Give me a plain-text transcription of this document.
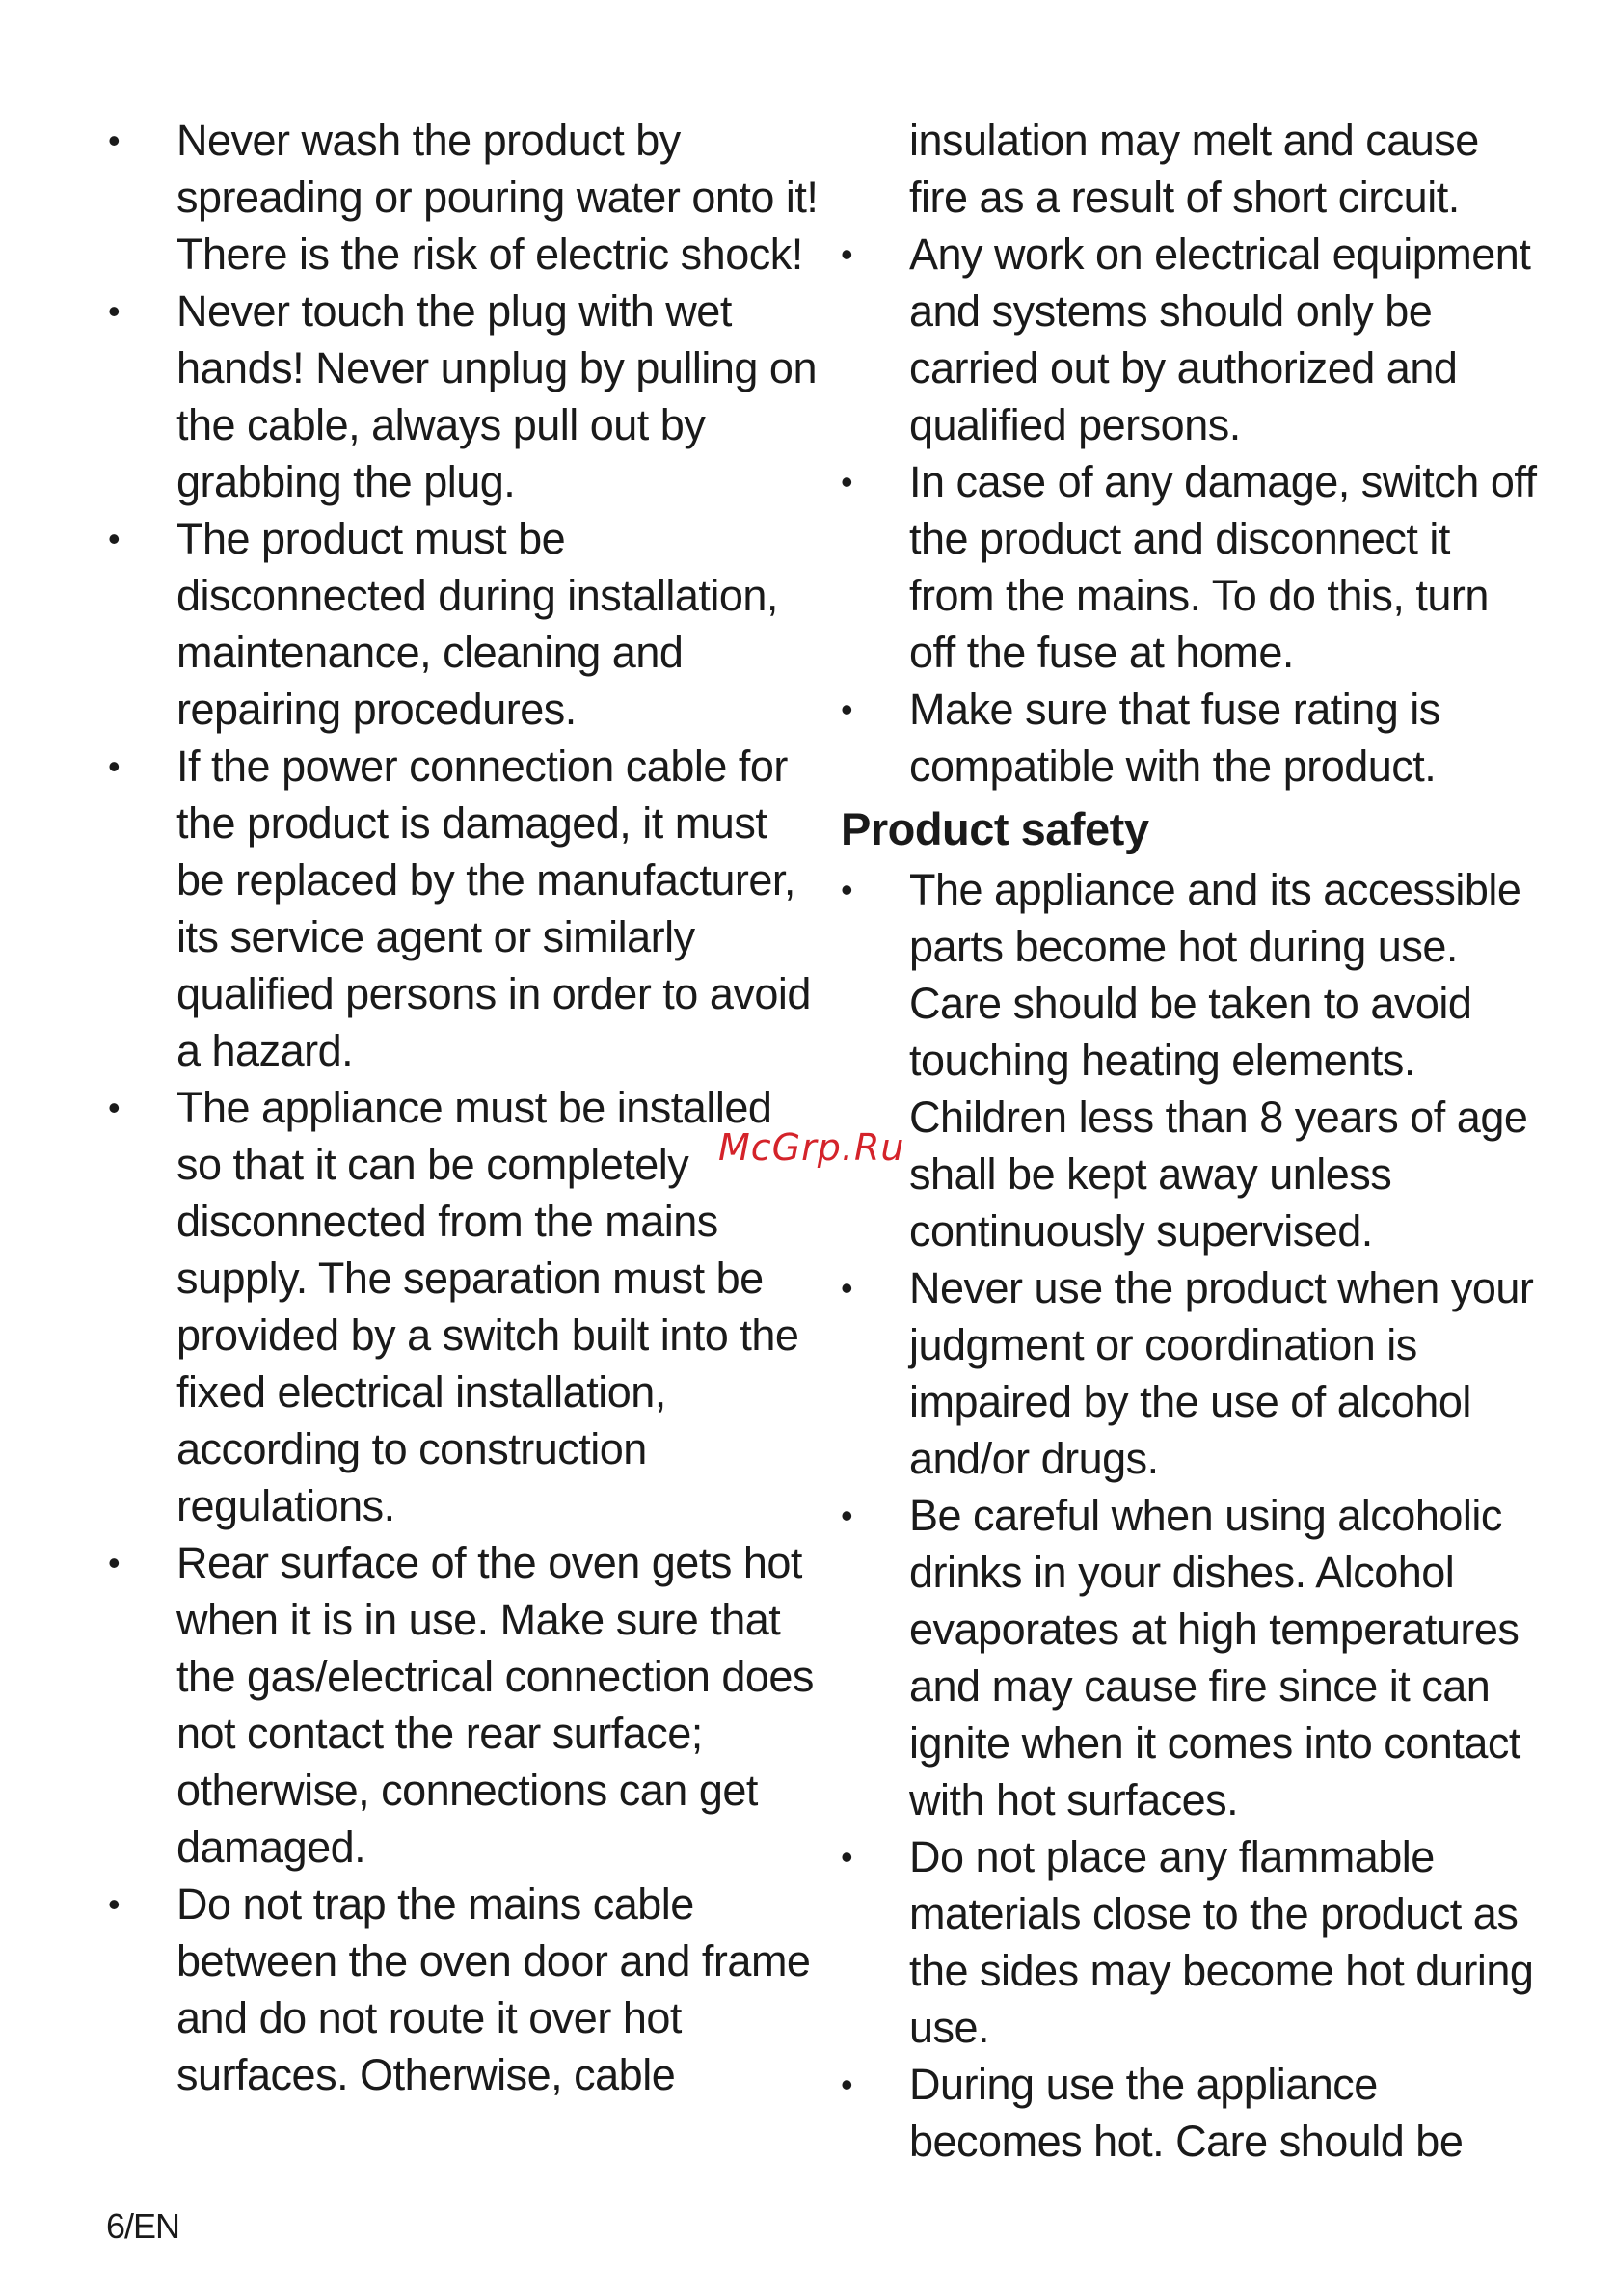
•	Never wash the product by
spreading or pouring water onto it!
There is the risk of electric shock!
•	Never touch the plug with wet
hands! Never unplug by pulling on
the cable, always pull out by
grabbing the plug.
•	The product must be
disconnected during installation,
maintenance, cleaning and
repairing procedures.
•	If the power connection cable for
the product is damaged, it must
be replaced by the manufacturer,
its service agent or similarly
qualified persons in order to avoid
a hazard.
•	The appliance must be installed
so that it can be completely
disconnected from the mains
supply. The separation must be
provided by a switch built into the
fixed electrical installation,
according to construction
regulations.
•	Rear surface of the oven gets hot
when it is in use. Make sure that
the gas/electrical connection does
not contact the rear surface;
otherwise, connections can get
damaged.
•	Do not trap the mains cable
between the oven door and frame
and do not route it over hot
surfaces. Otherwise, cable
insulation may melt and cause
fire as a result of short circuit.
•	Any work on electrical equipment
and systems should only be
carried out by authorized and
qualified persons.
•	In case of any damage, switch off
the product and disconnect it
from the mains. To do this, turn
off the fuse at home.
•	Make sure that fuse rating is
compatible with the product.
Product safety
•	The appliance and its accessible
parts become hot during use.
Care should be taken to avoid
touching heating elements.
Children less than 8 years of age
shall be kept away unless
continuously supervised.
•	Never use the product when your
judgment or coordination is
impaired by the use of alcohol
and/or drugs.
•	Be careful when using alcoholic
drinks in your dishes. Alcohol
evaporates at high temperatures
and may cause fire since it can
ignite when it comes into contact
with hot surfaces.
•	Do not place any flammable
materials close to the product as
the sides may become hot during
use.
•	During use the appliance
becomes hot. Care should be
McGrp.Ru
6/EN
